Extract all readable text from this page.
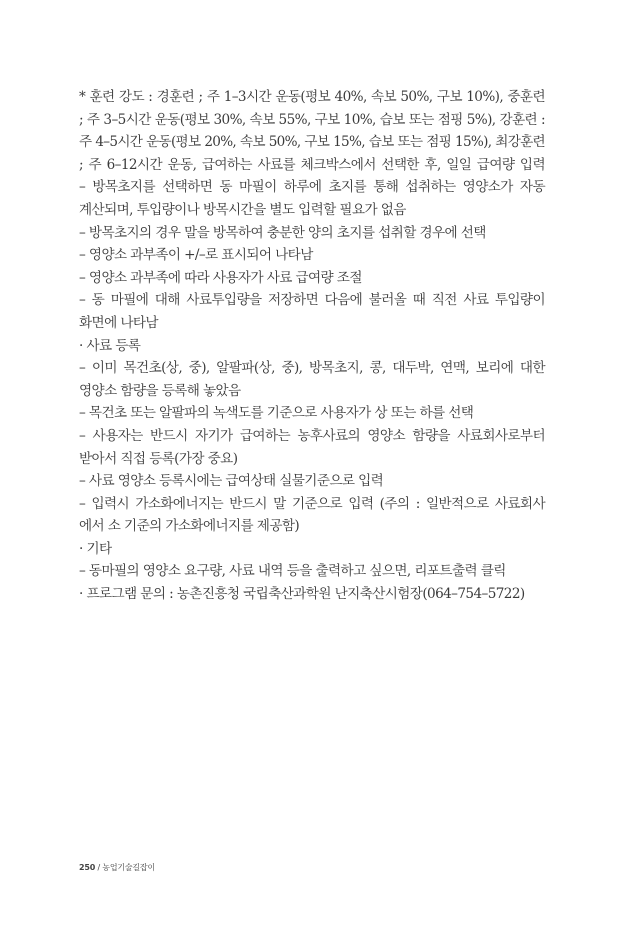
* 훈련 강도 : 경훈련 ; 주 1–3시간 운동(평보 40%, 속보 50%, 구보 10%), 중훈련
; 주 3–5시간 운동(평보 30%, 속보 55%, 구보 10%, 습보 또는 점핑 5%), 강훈련 :
주 4–5시간 운동(평보 20%, 속보 50%, 구보 15%, 습보 또는 점핑 15%), 최강훈련
; 주 6–12시간 운동, 급여하는 사료를 체크박스에서 선택한 후, 일일 급여량 입력
– 방목초지를 선택하면 동 마필이 하루에 초지를 통해 섭취하는 영양소가 자동
계산되며, 투입량이나 방목시간을 별도 입력할 필요가 없음
– 방목초지의 경우 말을 방목하여 충분한 양의 초지를 섭취할 경우에 선택
– 영양소 과부족이 +/–로 표시되어 나타남
– 영양소 과부족에 따라 사용자가 사료 급여량 조절
– 동 마필에 대해 사료투입량을 저장하면 다음에 불러올 때 직전 사료 투입량이
화면에 나타남
· 사료 등록
– 이미 목건초(상, 중), 알팔파(상, 중), 방목초지, 콩, 대두박, 연맥, 보리에 대한
영양소 함량을 등록해 놓았음
– 목건초 또는 알팔파의 녹색도를 기준으로 사용자가 상 또는 하를 선택
– 사용자는 반드시 자기가 급여하는 농후사료의 영양소 함량을 사료회사로부터
받아서 직접 등록(가장 중요)
– 사료 영양소 등록시에는 급여상태 실물기준으로 입력
– 입력시 가소화에너지는 반드시 말 기준으로 입력 (주의 : 일반적으로 사료회사
에서 소 기준의 가소화에너지를 제공함)
· 기타
– 동마필의 영양소 요구량, 사료 내역 등을 출력하고 싶으면, 리포트출력 클릭
· 프로그램 문의 : 농촌진흥청 국립축산과학원 난지축산시험장(064–754–5722)
250 / 농업기술길잡이
